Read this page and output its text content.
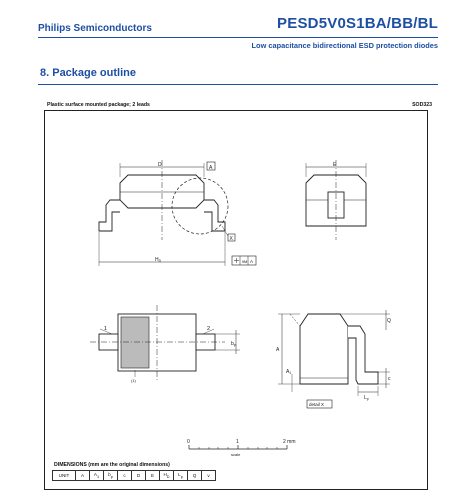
Philips Semiconductors	PESD5V0S1BA/BB/BL
Low capacitance bidirectional ESD protection diodes
8. Package outline
Plastic surface mounted package; 2 leads	SOD323
D	A
X
$H_D$	v M A
E
1	2
$b_p$
(1)
Q
A
$A_1$
c
$L_p$
detail X
0	1	2 mm
scale
DIMENSIONS (mm are the original dimensions)
UNIT	A	$A_1$	$b_p$	c	D	E	$H_D$	$L_p$	Q	v
